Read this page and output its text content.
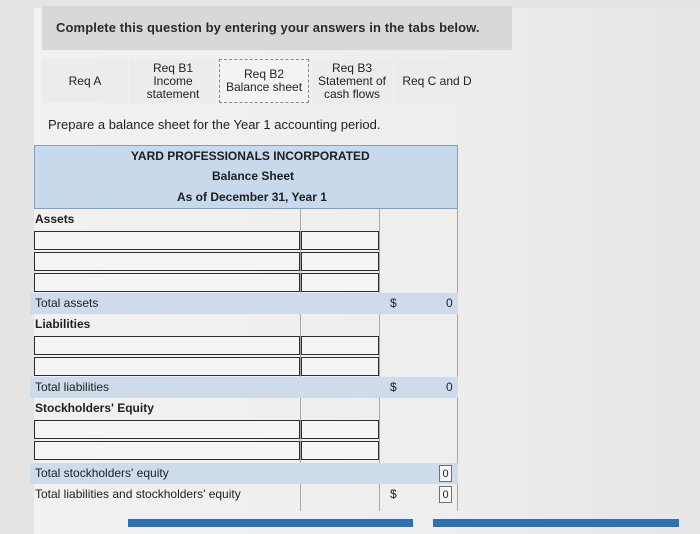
Complete this question by entering your answers in the tabs below.
Req A
Req B1
Income
statement
Req B2
Balance sheet
Req B3
Statement of
cash flows
Req C and D
Prepare a balance sheet for the Year 1 accounting period.
YARD PROFESSIONALS INCORPORATED
Balance Sheet
As of December 31, Year 1
Assets
Total assets	$	0
Liabilities
Total liabilities	$	0
Stockholders' Equity
Total stockholders' equity	0
Total liabilities and stockholders' equity	$	0
